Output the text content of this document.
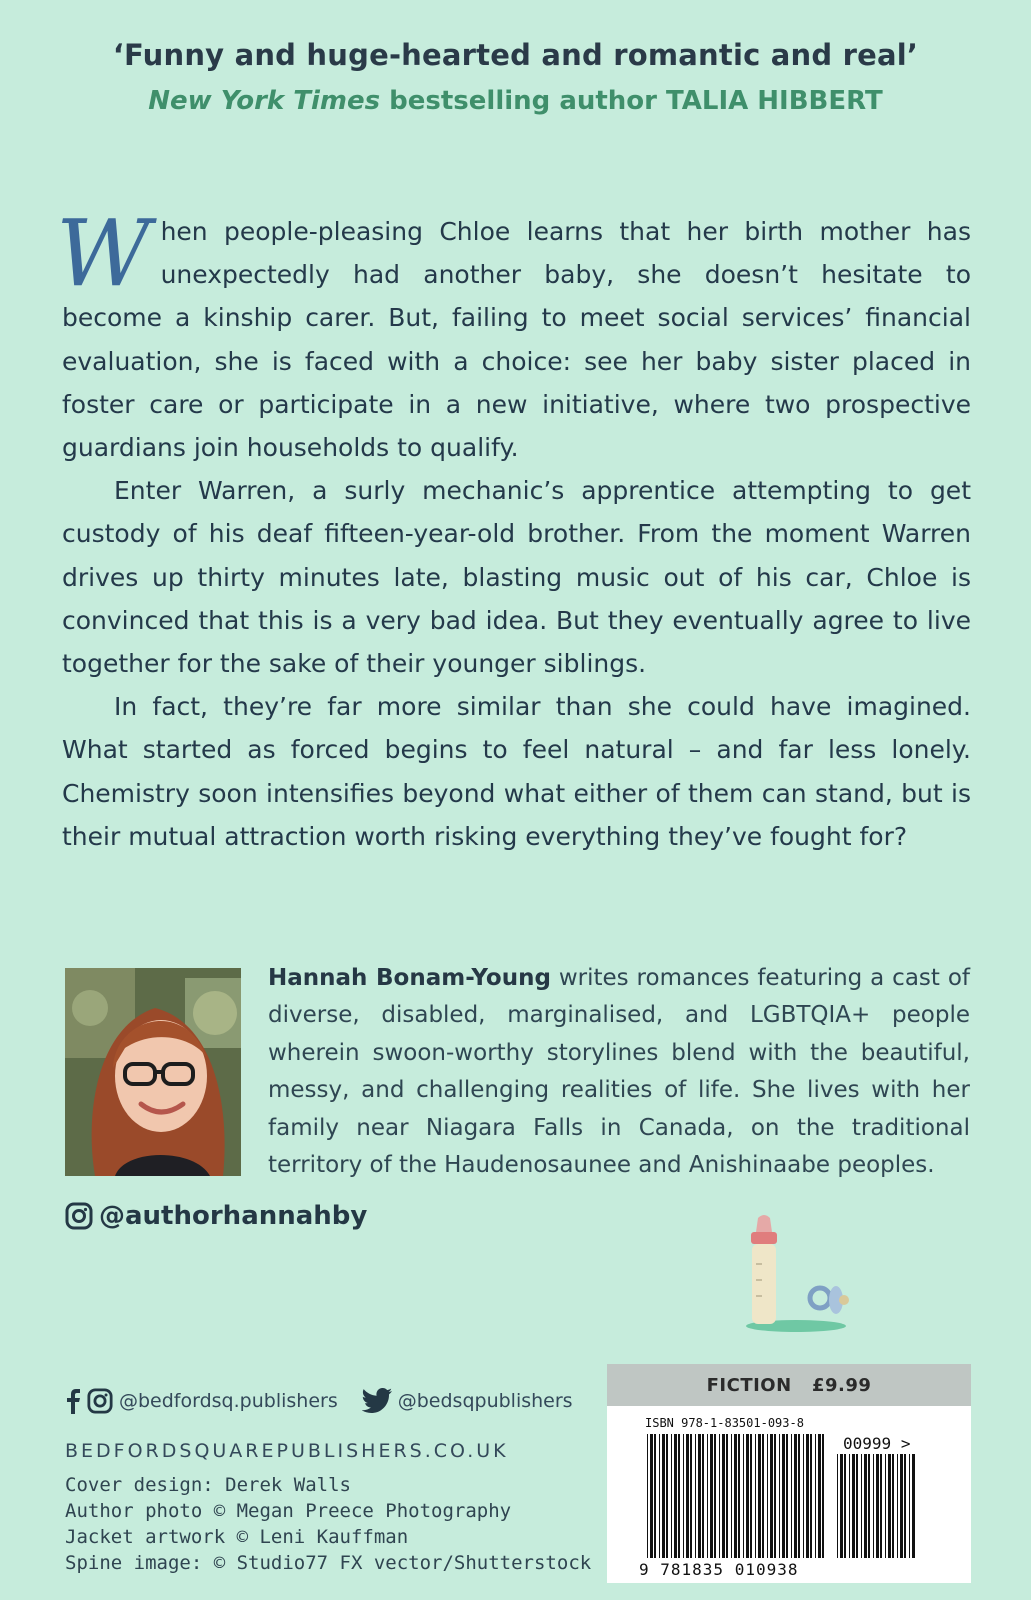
‘Funny and huge-hearted and romantic and real’
New York Times bestselling author TALIA HIBBERT

When people-pleasing Chloe learns that her birth mother has unexpectedly had another baby, she doesn’t hesitate to become a kinship carer. But, failing to meet social services’ financial evaluation, she is faced with a choice: see her baby sister placed in foster care or participate in a new initiative, where two prospective guardians join households to qualify.

Enter Warren, a surly mechanic’s apprentice attempting to get custody of his deaf fifteen-year-old brother. From the moment Warren drives up thirty minutes late, blasting music out of his car, Chloe is convinced that this is a very bad idea. But they eventually agree to live together for the sake of their younger siblings.

In fact, they’re far more similar than she could have imagined. What started as forced begins to feel natural – and far less lonely. Chemistry soon intensifies beyond what either of them can stand, but is their mutual attraction worth risking everything they’ve fought for?

Hannah Bonam-Young writes romances featuring a cast of diverse, disabled, marginalised, and LGBTQIA+ people wherein swoon-worthy storylines blend with the beautiful, messy, and challenging realities of life. She lives with her family near Niagara Falls in Canada, on the traditional territory of the Haudenosaunee and Anishinaabe peoples.
@authorhannahby
@bedfordsq.publishers	@bedsqpublishers
BEDFORDSQUAREPUBLISHERS.CO.UK
Cover design: Derek Walls
Author photo © Megan Preece Photography
Jacket artwork © Leni Kauffman
Spine image: © Studio77 FX vector/Shutterstock
FICTION   £9.99
ISBN 978-1-83501-093-8
00999 >
9 781835 010938
